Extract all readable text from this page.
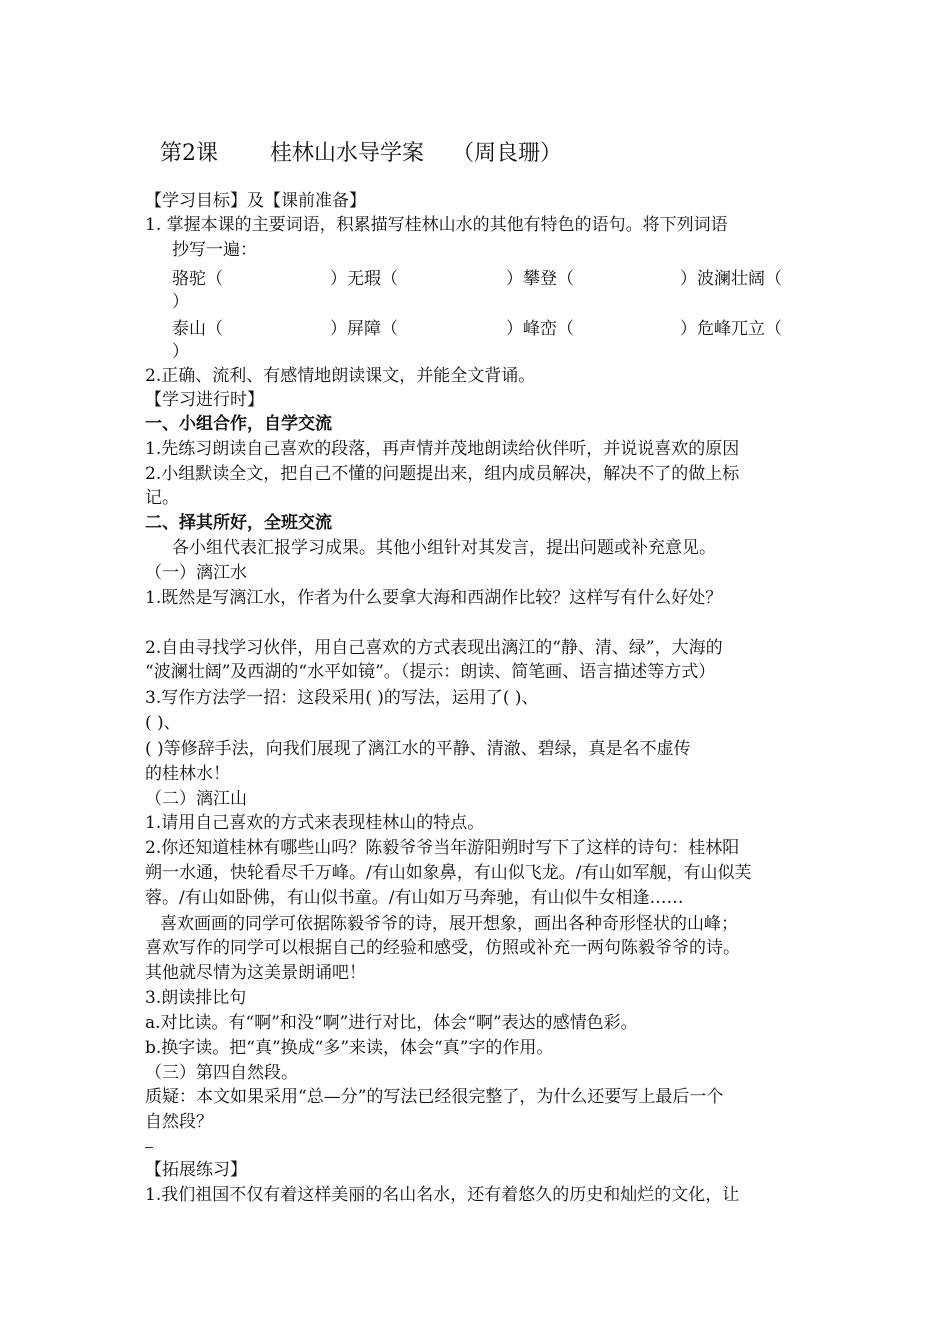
第2课 桂林山水导学案 （周良珊）
【学习目标】及【课前准备】
1. 掌握本课的主要词语，积累描写桂林山水的其他有特色的语句。将下列词语
抄写一遍：
骆驼（	）无瑕（	）攀登（	）波澜壮阔（
）
泰山（	）屏障（	）峰峦（	）危峰兀立（
）
2.正确、流利、有感情地朗读课文，并能全文背诵。
【学习进行时】
一、小组合作，自学交流
1.先练习朗读自己喜欢的段落，再声情并茂地朗读给伙伴听，并说说喜欢的原因
2.小组默读全文，把自己不懂的问题提出来，组内成员解决，解决不了的做上标
记。
二、择其所好，全班交流
各小组代表汇报学习成果。其他小组针对其发言，提出问题或补充意见。
（一）漓江水
1.既然是写漓江水，作者为什么要拿大海和西湖作比较？这样写有什么好处？
2.自由寻找学习伙伴，用自己喜欢的方式表现出漓江的“静、清、绿”，大海的
“波澜壮阔”及西湖的“水平如镜”。（提示：朗读、简笔画、语言描述等方式）
3.写作方法学一招：这段采用( )的写法，运用了( )、
( )、
( )等修辞手法，向我们展现了漓江水的平静、清澈、碧绿，真是名不虚传
的桂林水！
（二）漓江山
1.请用自己喜欢的方式来表现桂林山的特点。
2.你还知道桂林有哪些山吗？陈毅爷爷当年游阳朔时写下了这样的诗句：桂林阳
朔一水通，快轮看尽千万峰。/有山如象鼻，有山似飞龙。/有山如军舰，有山似芙
蓉。/有山如卧佛，有山似书童。/有山如万马奔驰，有山似牛女相逢……
喜欢画画的同学可依据陈毅爷爷的诗，展开想象，画出各种奇形怪状的山峰；
喜欢写作的同学可以根据自己的经验和感受，仿照或补充一两句陈毅爷爷的诗。
其他就尽情为这美景朗诵吧！
3.朗读排比句
a.对比读。有“啊”和没“啊”进行对比，体会“啊”表达的感情色彩。
b.换字读。把“真”换成“多”来读，体会“真”字的作用。
（三）第四自然段。
质疑：本文如果采用“总—分”的写法已经很完整了，为什么还要写上最后一个
自然段？
【拓展练习】
1.我们祖国不仅有着这样美丽的名山名水，还有着悠久的历史和灿烂的文化，让
